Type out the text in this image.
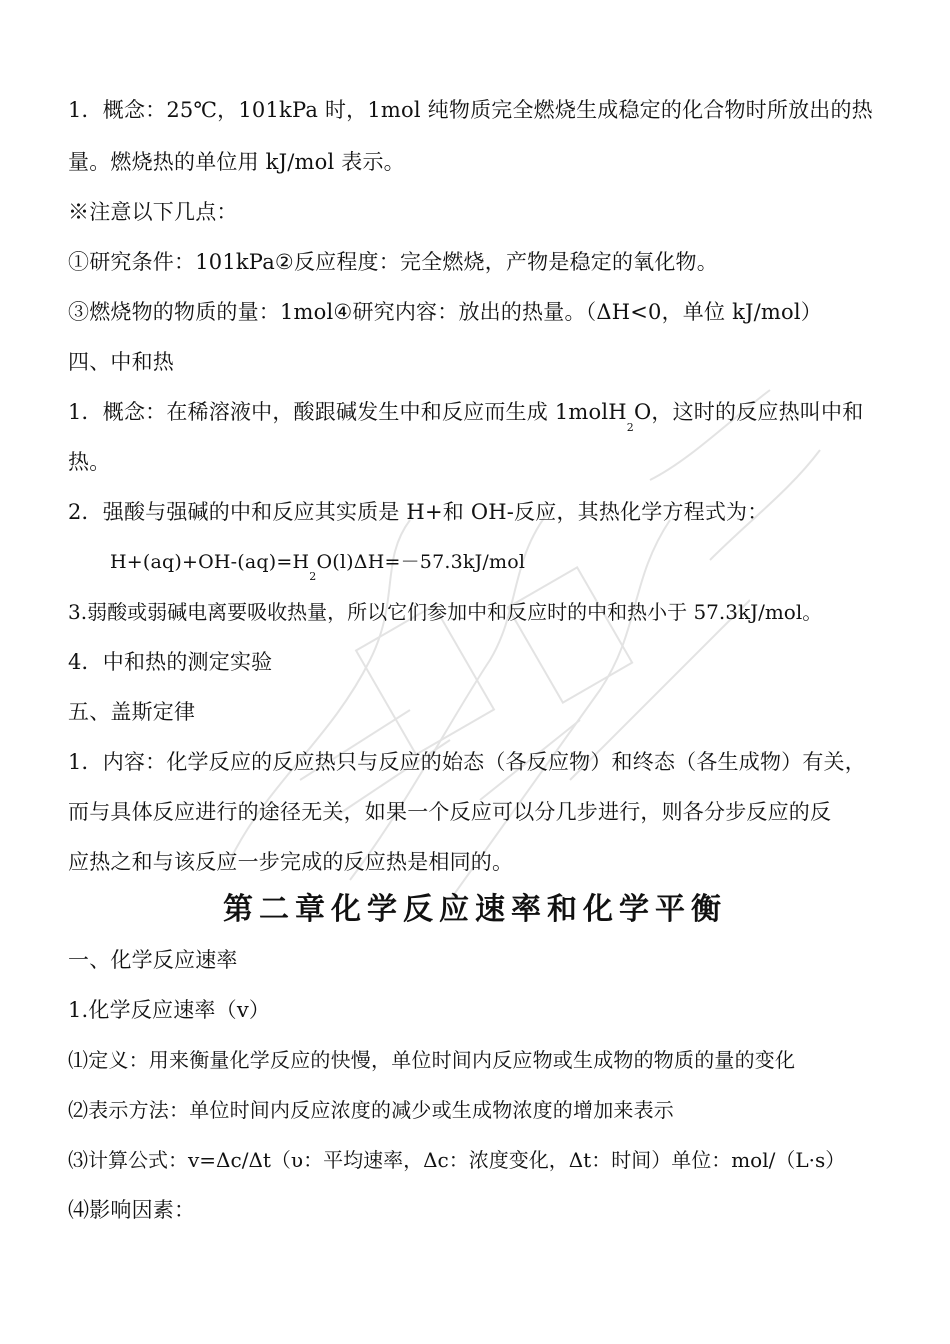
1．概念：25℃，101kPa 时，1mol 纯物质完全燃烧生成稳定的化合物时所放出的热
量。燃烧热的单位用 kJ/mol 表示。
※注意以下几点：
①研究条件：101kPa②反应程度：完全燃烧，产物是稳定的氧化物。
③燃烧物的物质的量：1mol④研究内容：放出的热量。（ΔH<0，单位 kJ/mol）
四、中和热
1．概念：在稀溶液中，酸跟碱发生中和反应而生成 1molH$_2$O，这时的反应热叫中和
热。
2．强酸与强碱的中和反应其实质是 H+和 OH-反应，其热化学方程式为：
$H+(aq)+OH-(aq)=H_2O(l)\Delta H=-57.3kJ$/mol
3.弱酸或弱碱电离要吸收热量，所以它们参加中和反应时的中和热小于 57.3kJ/mol。
4．中和热的测定实验
五、盖斯定律
1．内容：化学反应的反应热只与反应的始态（各反应物）和终态（各生成物）有关，
而与具体反应进行的途径无关，如果一个反应可以分几步进行，则各分步反应的反
应热之和与该反应一步完成的反应热是相同的。
第二章化学反应速率和化学平衡
一、化学反应速率
1.化学反应速率（v）
⑴定义：用来衡量化学反应的快慢，单位时间内反应物或生成物的物质的量的变化
⑵表示方法：单位时间内反应浓度的减少或生成物浓度的增加来表示
⑶计算公式：v=Δc/Δt（υ：平均速率，Δc：浓度变化，Δt：时间）单位：mol/（L·s）
⑷影响因素：
